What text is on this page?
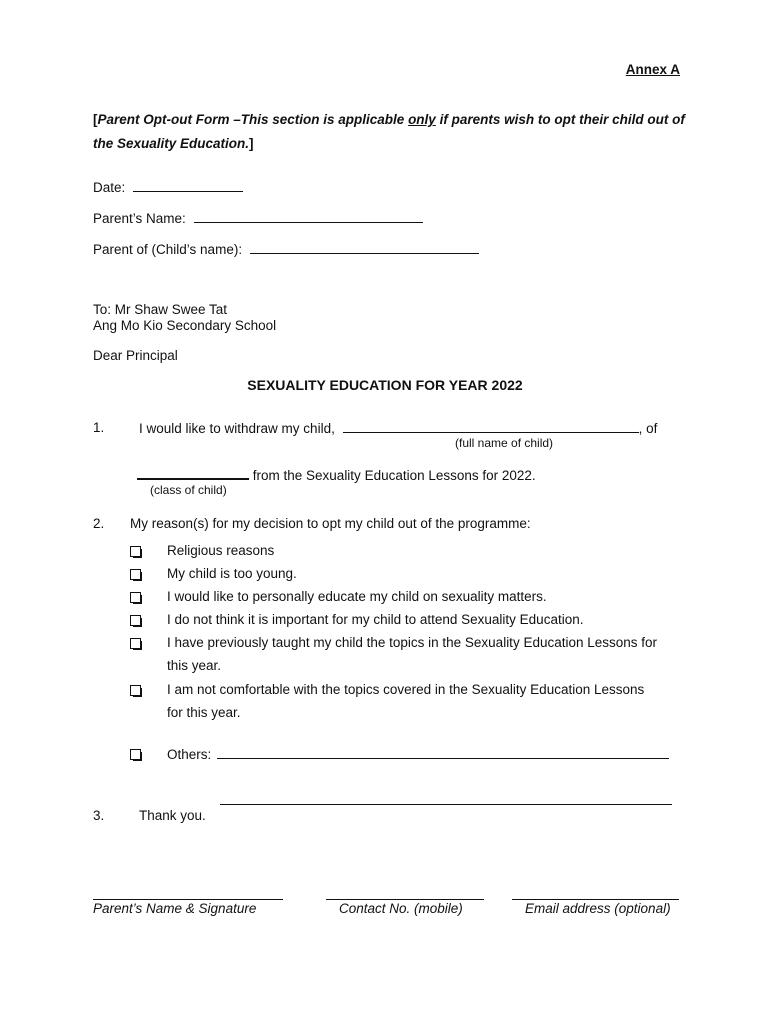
Annex A
[Parent Opt-out Form –This section is applicable only if parents wish to opt their child out of the Sexuality Education.]
Date:
Parent’s Name:
Parent of (Child’s name):
To: Mr Shaw Swee Tat
Ang Mo Kio Secondary School
Dear Principal
SEXUALITY EDUCATION FOR YEAR 2022
1.	I would like to withdraw my child,	, of
(full name of child)
from the Sexuality Education Lessons for 2022.
(class of child)
2. My reason(s) for my decision to opt my child out of the programme:
Religious reasons
My child is too young.
I would like to personally educate my child on sexuality matters.
I do not think it is important for my child to attend Sexuality Education.
I have previously taught my child the topics in the Sexuality Education Lessons for
this year.
I am not comfortable with the topics covered in the Sexuality Education Lessons
for this year.
Others:
3.	Thank you.
Parent’s Name & Signature	Contact No. (mobile)	Email address (optional)
